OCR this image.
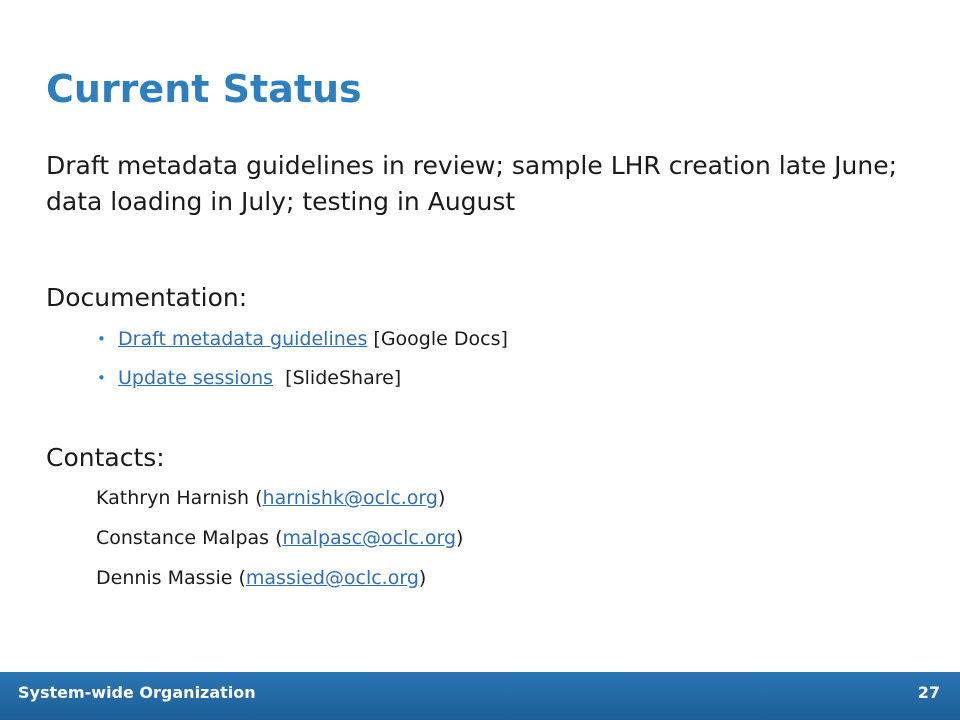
Current Status

Draft metadata guidelines in review; sample LHR creation late June; data loading in July; testing in August

Documentation:
• Draft metadata guidelines [Google Docs]
• Update sessions  [SlideShare]
Contacts:
Kathryn Harnish (harnishk@oclc.org)
Constance Malpas (malpasc@oclc.org)
Dennis Massie (massied@oclc.org)
System-wide Organization	27
